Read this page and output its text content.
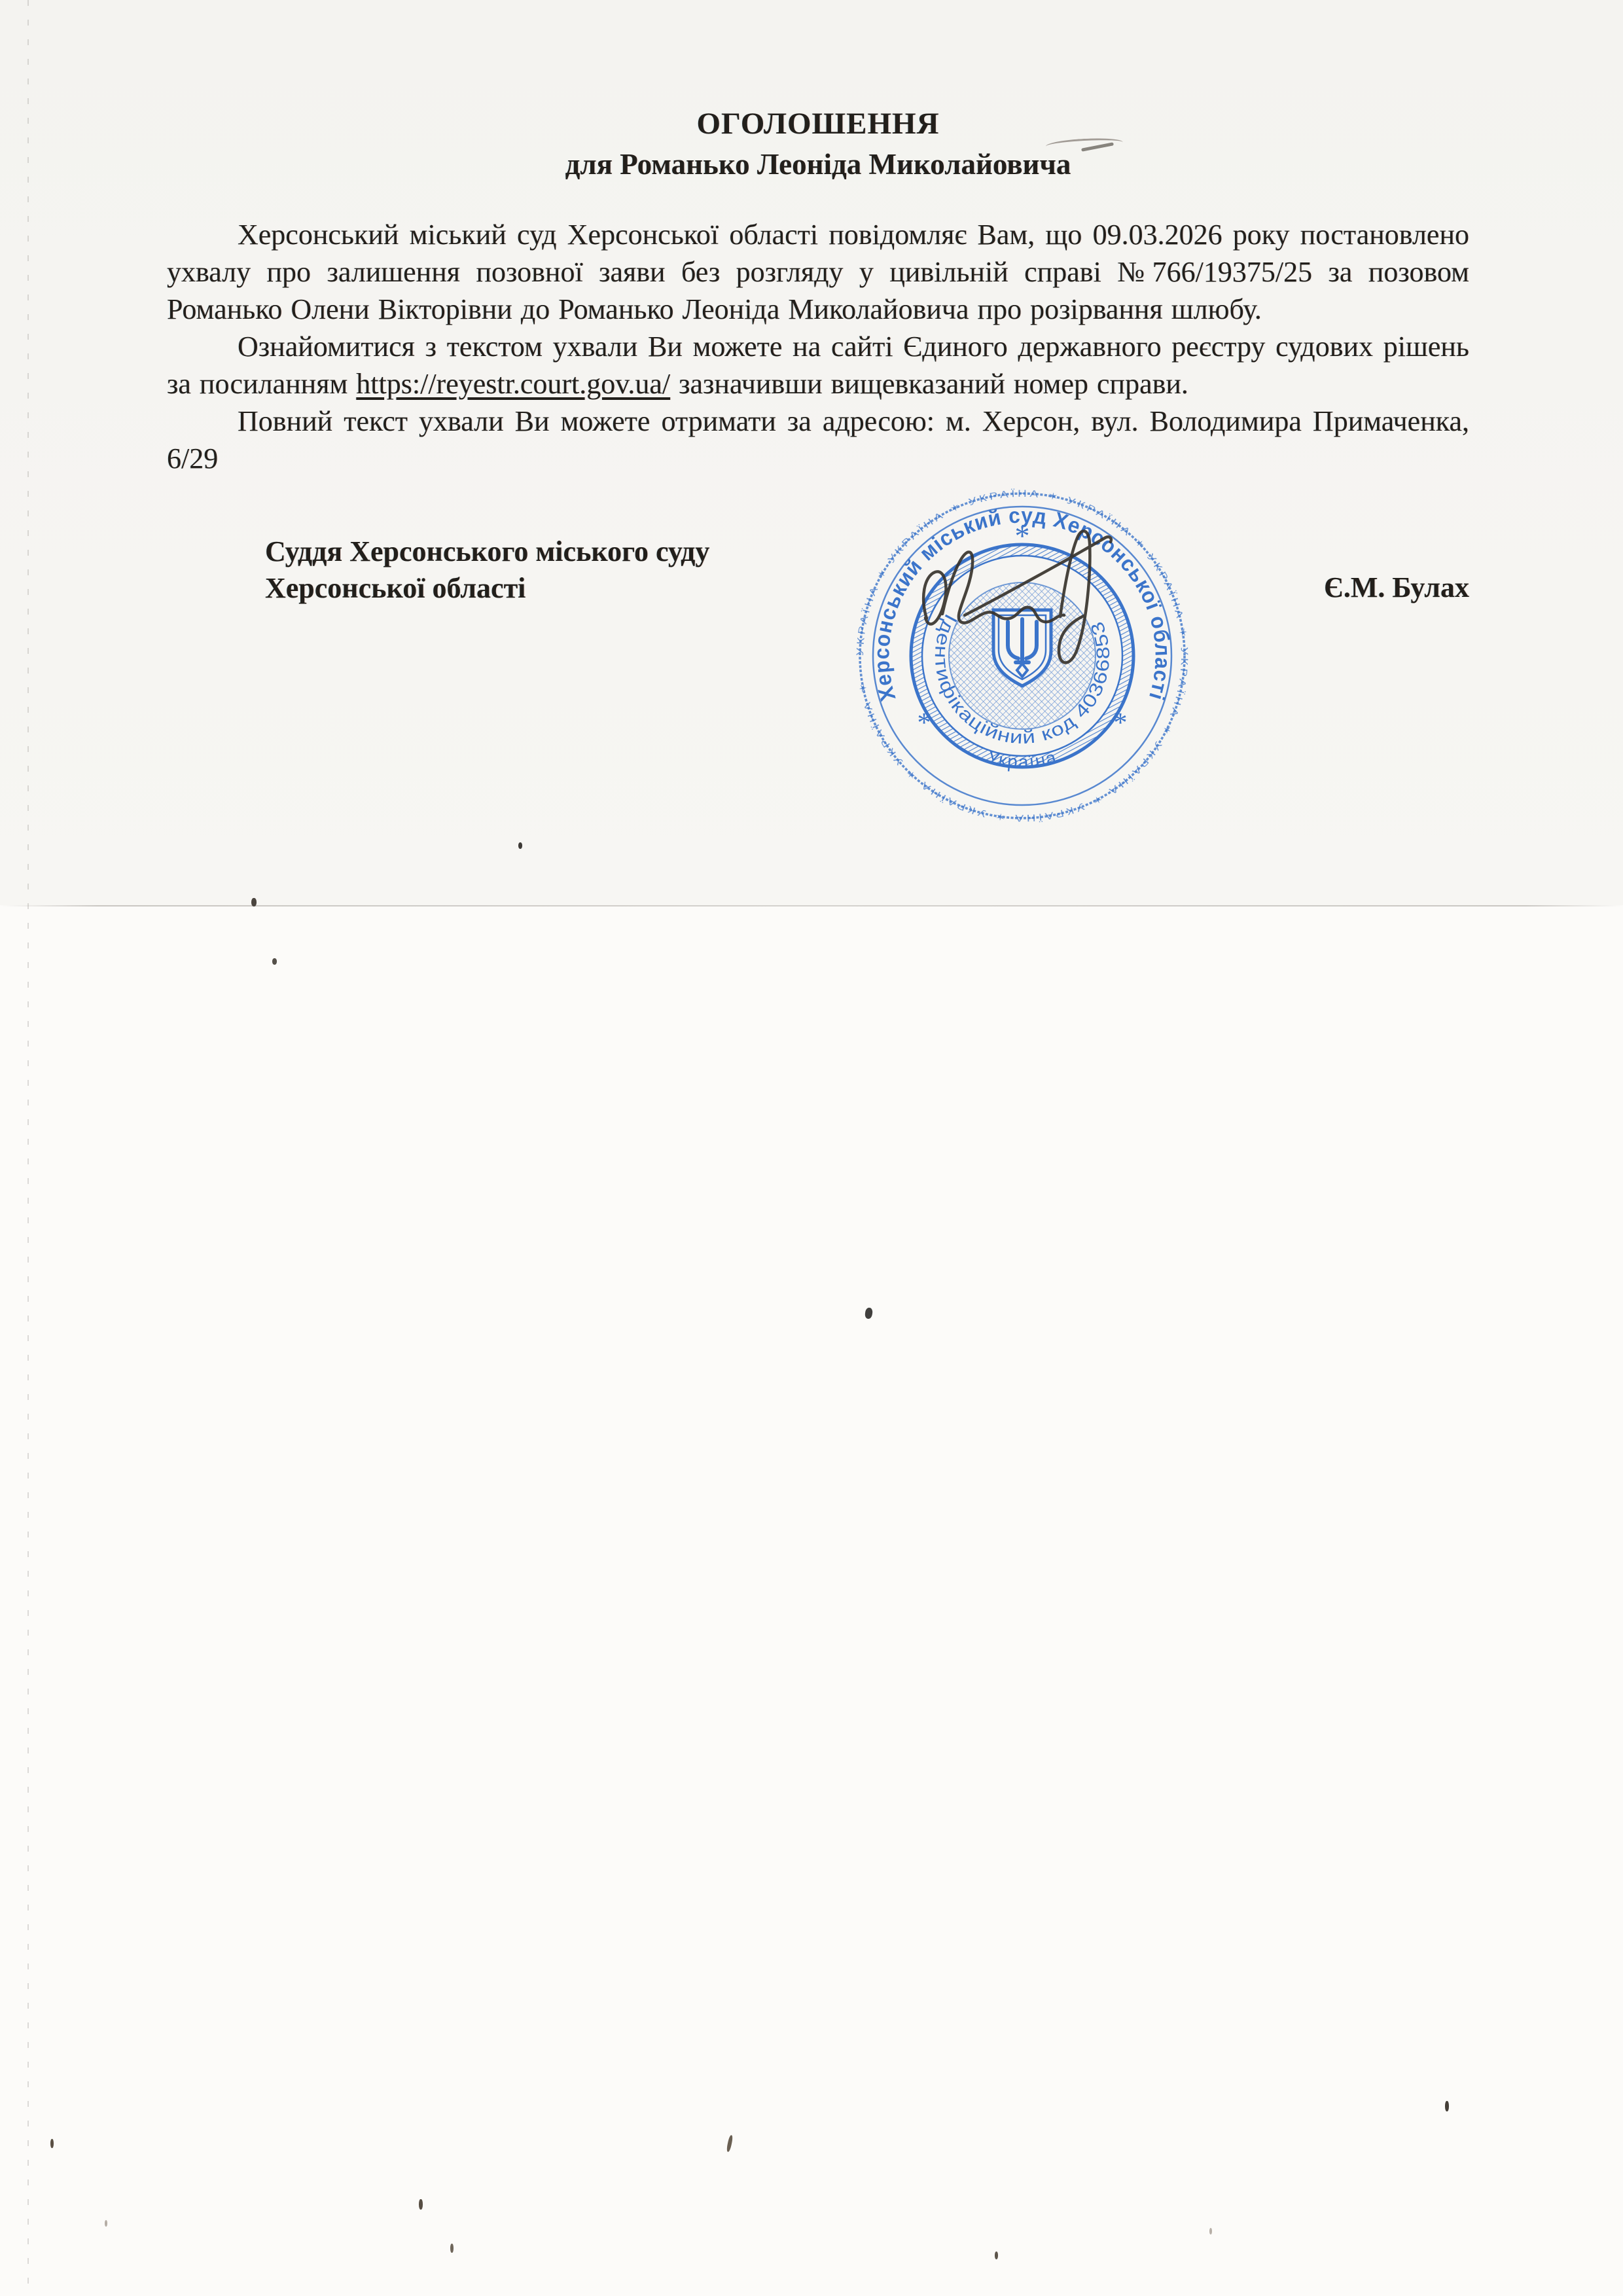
ОГОЛОШЕННЯ
для Романько Леоніда Миколайовича

Херсонський міський суд Херсонської області повідомляє Вам, що 09.03.2026 року постановлено ухвалу про залишення позовної заяви без розгляду у цивільній справі №766/19375/25 за позовом Романько Олени Вікторівни до Романько Леоніда Миколайовича про розірвання шлюбу.

Ознайомитися з текстом ухвали Ви можете на сайті Єдиного державного реєстру судових рішень за посиланням https://reyestr.court.gov.ua/ зазначивши вищевказаний номер справи.

Повний текст ухвали Ви можете отримати за адресою: м. Херсон, вул. Володимира Примаченка, 6/29

Суддя Херсонського міського суду
Херсонської області	Є.М. Булах
УКРАЇНА ✶ УКРАЇНА ✶ УКРАЇНА ✶ УКРАЇНА ✶ УКРАЇНА ✶ УКРАЇНА ✶ УКРАЇНА ✶ УКРАЇНА ✶ УКРАЇНА ✶ УКРАЇНА ✶ Херсонський міський суд Херсонської області
Ідентифікаційний код 40366853
Україна
*
*	*
